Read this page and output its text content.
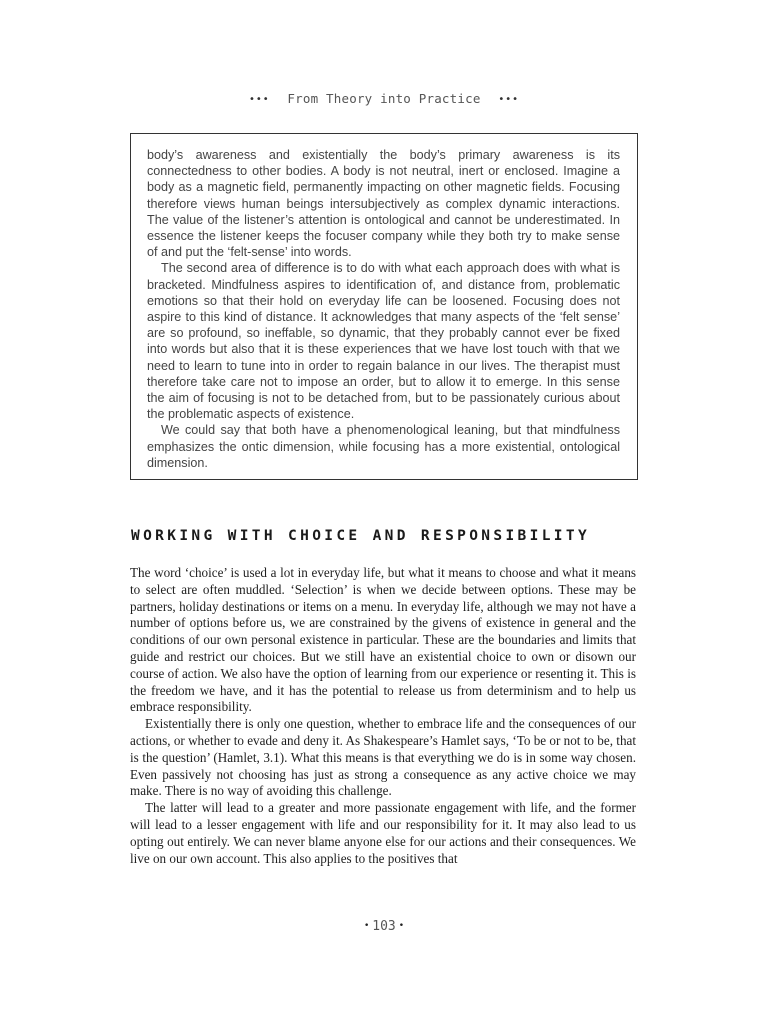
••• From Theory into Practice •••

body’s awareness and existentially the body’s primary awareness is its connectedness to other bodies. A body is not neutral, inert or enclosed. Imagine a body as a magnetic field, permanently impacting on other magnetic fields. Focusing therefore views human beings intersubjectively as complex dynamic interactions. The value of the listener’s attention is ontological and cannot be underestimated. In essence the listener keeps the focuser company while they both try to make sense of and put the ‘felt-sense’ into words.

The second area of difference is to do with what each approach does with what is bracketed. Mindfulness aspires to identification of, and distance from, problematic emotions so that their hold on everyday life can be loosened. Focusing does not aspire to this kind of distance. It acknowledges that many aspects of the ‘felt sense’ are so profound, so ineffable, so dynamic, that they probably cannot ever be fixed into words but also that it is these experiences that we have lost touch with that we need to learn to tune into in order to regain balance in our lives. The therapist must therefore take care not to impose an order, but to allow it to emerge. In this sense the aim of focusing is not to be detached from, but to be passionately curious about the problematic aspects of existence.

We could say that both have a phenomenological leaning, but that mindfulness emphasizes the ontic dimension, while focusing has a more existential, ontological dimension.

WORKING WITH CHOICE AND RESPONSIBILITY

The word ‘choice’ is used a lot in everyday life, but what it means to choose and what it means to select are often muddled. ‘Selection’ is when we decide between options. These may be partners, holiday destinations or items on a menu. In everyday life, although we may not have a number of options before us, we are constrained by the givens of existence in general and the conditions of our own personal existence in particular. These are the boundaries and limits that guide and restrict our choices. But we still have an existential choice to own or disown our course of action. We also have the option of learning from our experience or resenting it. This is the freedom we have, and it has the potential to release us from determinism and to help us embrace responsibility.

Existentially there is only one question, whether to embrace life and the consequences of our actions, or whether to evade and deny it. As Shakespeare’s Hamlet says, ‘To be or not to be, that is the question’ (Hamlet, 3.1). What this means is that everything we do is in some way chosen. Even passively not choosing has just as strong a consequence as any active choice we may make. There is no way of avoiding this challenge.

The latter will lead to a greater and more passionate engagement with life, and the former will lead to a lesser engagement with life and our responsibility for it. It may also lead to us opting out entirely. We can never blame anyone else for our actions and their consequences. We live on our own account. This also applies to the positives that

• 103 •
